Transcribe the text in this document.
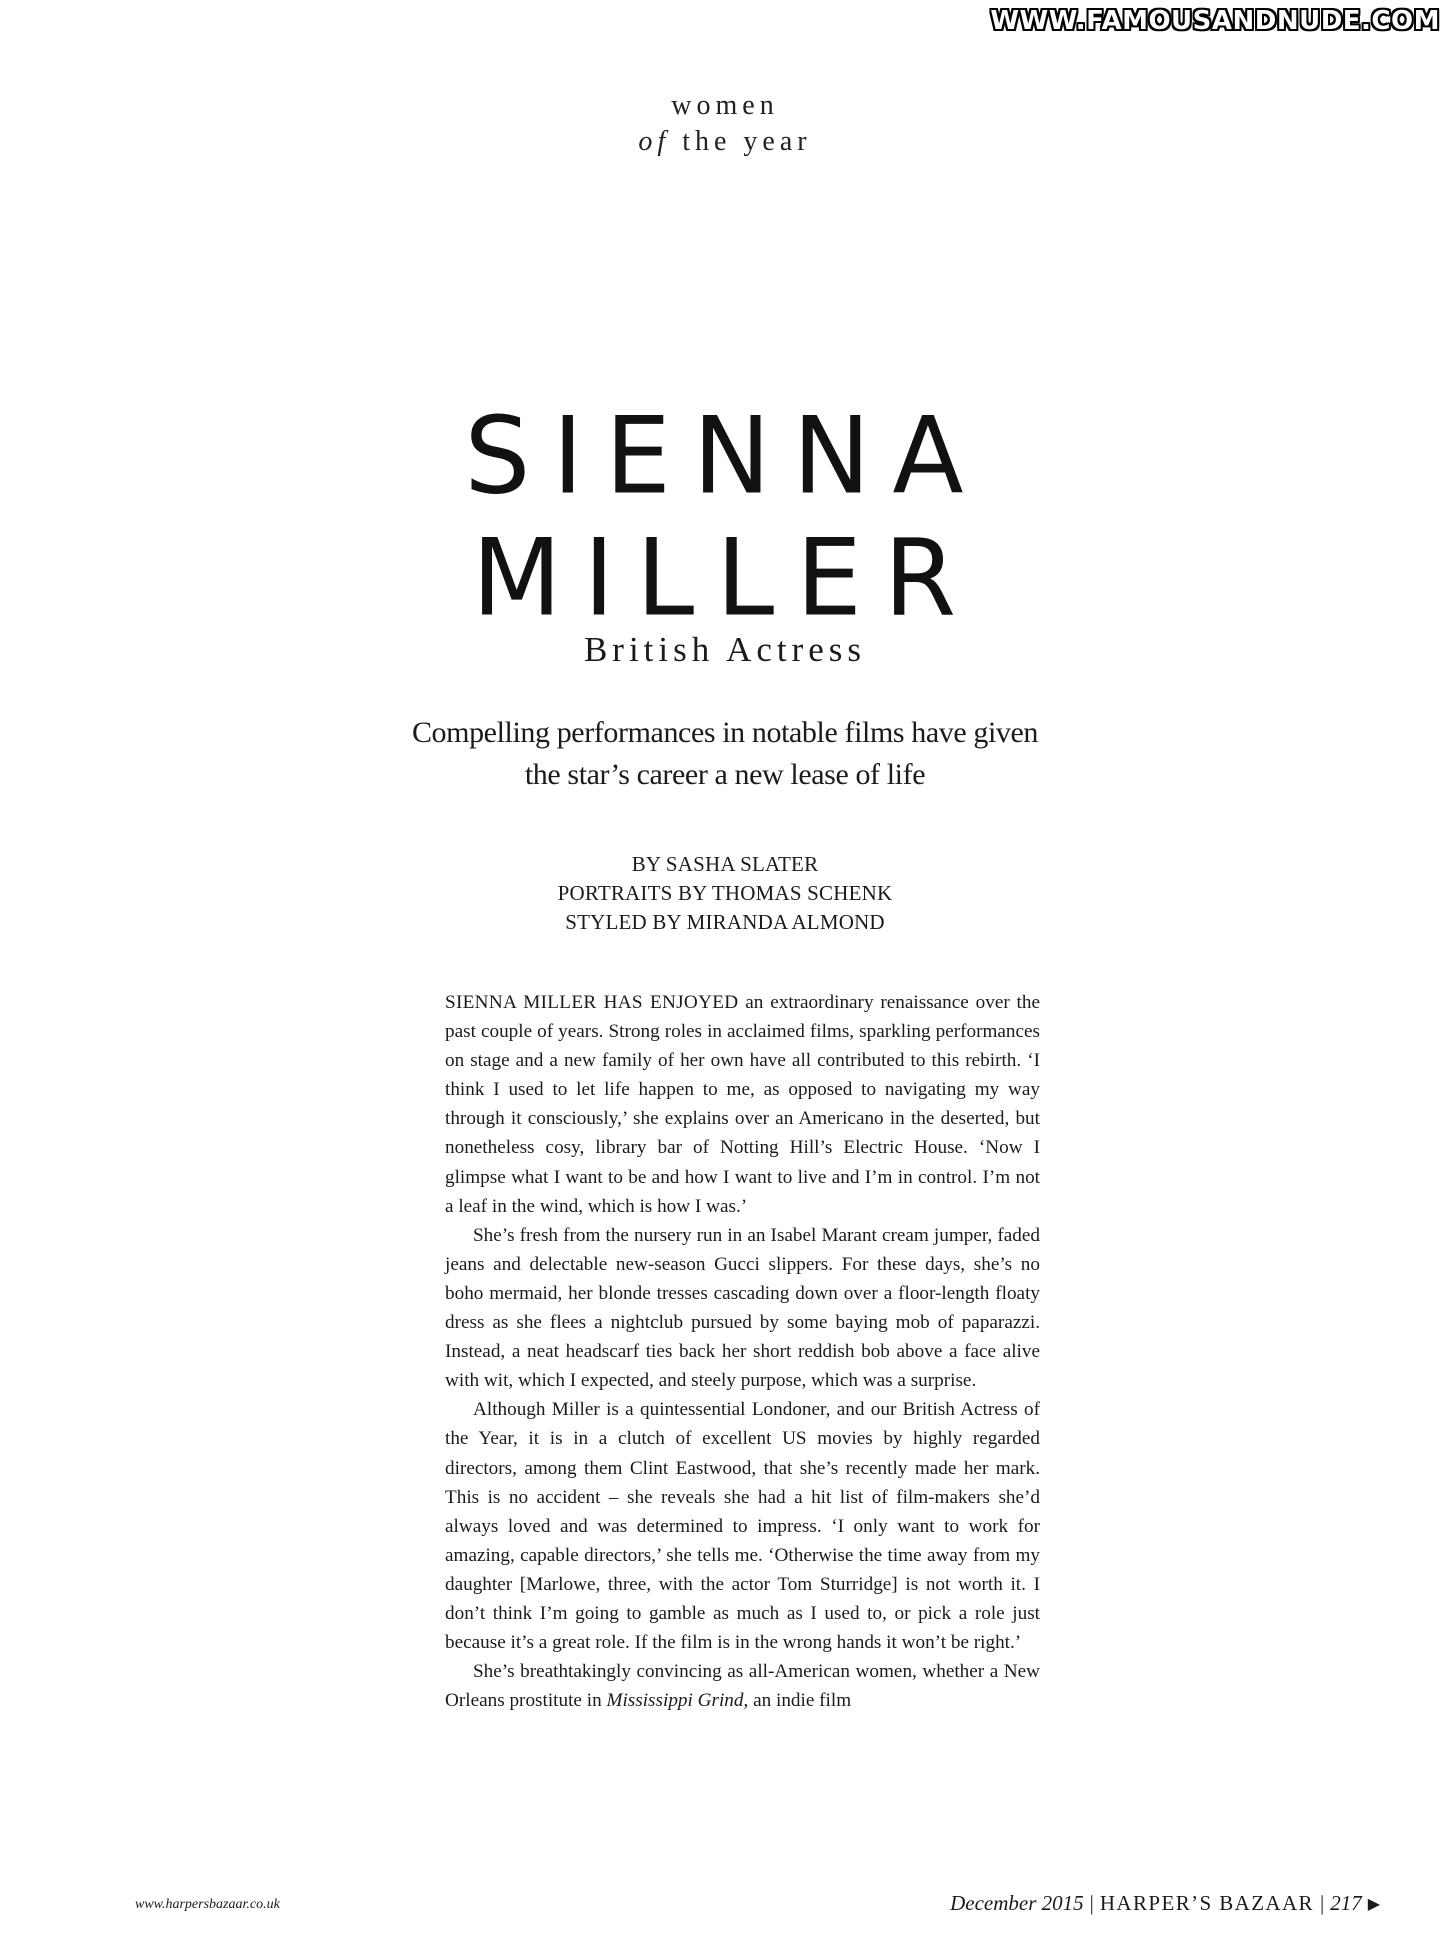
WWW.FAMOUSANDNUDE.COM
women
of the year
SIENNA
MILLER
British Actress
Compelling performances in notable films have given
the star’s career a new lease of life
BY SASHA SLATER
PORTRAITS BY THOMAS SCHENK
STYLED BY MIRANDA ALMOND

SIENNA MILLER HAS ENJOYED an extraordinary renaissance over the past couple of years. Strong roles in acclaimed films, sparkling performances on stage and a new family of her own have all contributed to this rebirth. ‘I think I used to let life happen to me, as opposed to navigating my way through it consciously,’ she explains over an Americano in the deserted, but nonetheless cosy, library bar of Notting Hill’s Electric House. ‘Now I glimpse what I want to be and how I want to live and I’m in control. I’m not a leaf in the wind, which is how I was.’

She’s fresh from the nursery run in an Isabel Marant cream jumper, faded jeans and delectable new-season Gucci slippers. For these days, she’s no boho mermaid, her blonde tresses cascading down over a floor-length floaty dress as she flees a nightclub pursued by some baying mob of paparazzi. Instead, a neat headscarf ties back her short reddish bob above a face alive with wit, which I expected, and steely purpose, which was a surprise.

Although Miller is a quintessential Londoner, and our British Actress of the Year, it is in a clutch of excellent US movies by highly regarded directors, among them Clint Eastwood, that she’s recently made her mark. This is no accident – she reveals she had a hit list of film-makers she’d always loved and was determined to impress. ‘I only want to work for amazing, capable directors,’ she tells me. ‘Otherwise the time away from my daughter [Marlowe, three, with the actor Tom Sturridge] is not worth it. I don’t think I’m going to gamble as much as I used to, or pick a role just because it’s a great role. If the film is in the wrong hands it won’t be right.’

She’s breathtakingly convincing as all-American women, whether a New Orleans prostitute in Mississippi Grind, an indie film

www.harpersbazaar.co.uk	December 2015 | HARPER’S BAZAAR | 217 ▶
